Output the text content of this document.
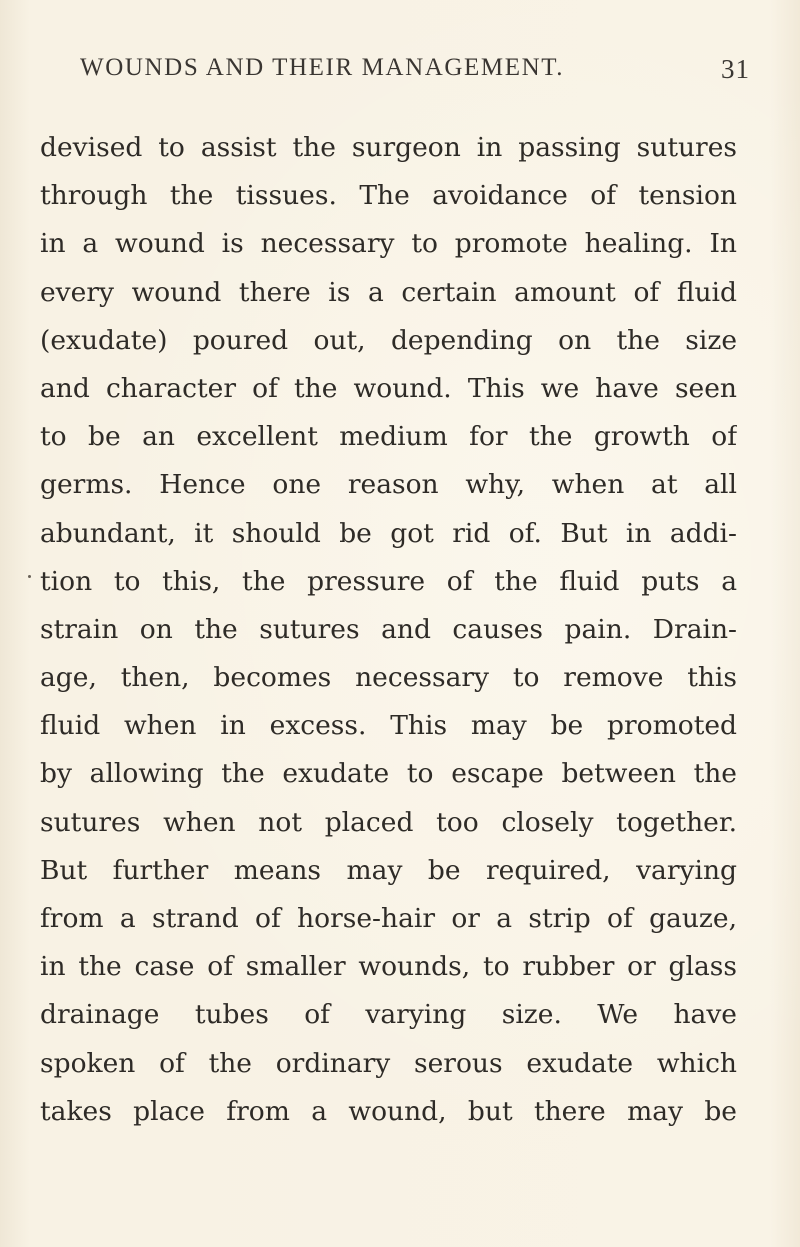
WOUNDS AND THEIR MANAGEMENT.	31
devised to assist the surgeon in passing sutures
through the tissues. The avoidance of tension
in a wound is necessary to promote healing. In
every wound there is a certain amount of fluid
(exudate) poured out, depending on the size
and character of the wound. This we have seen
to be an excellent medium for the growth of
germs. Hence one reason why, when at all
abundant, it should be got rid of. But in addi-
tion to this, the pressure of the fluid puts a
strain on the sutures and causes pain. Drain-
age, then, becomes necessary to remove this
fluid when in excess. This may be promoted
by allowing the exudate to escape between the
sutures when not placed too closely together.
But further means may be required, varying
from a strand of horse-hair or a strip of gauze,
in the case of smaller wounds, to rubber or glass
drainage tubes of varying size. We have
spoken of the ordinary serous exudate which
takes place from a wound, but there may be
